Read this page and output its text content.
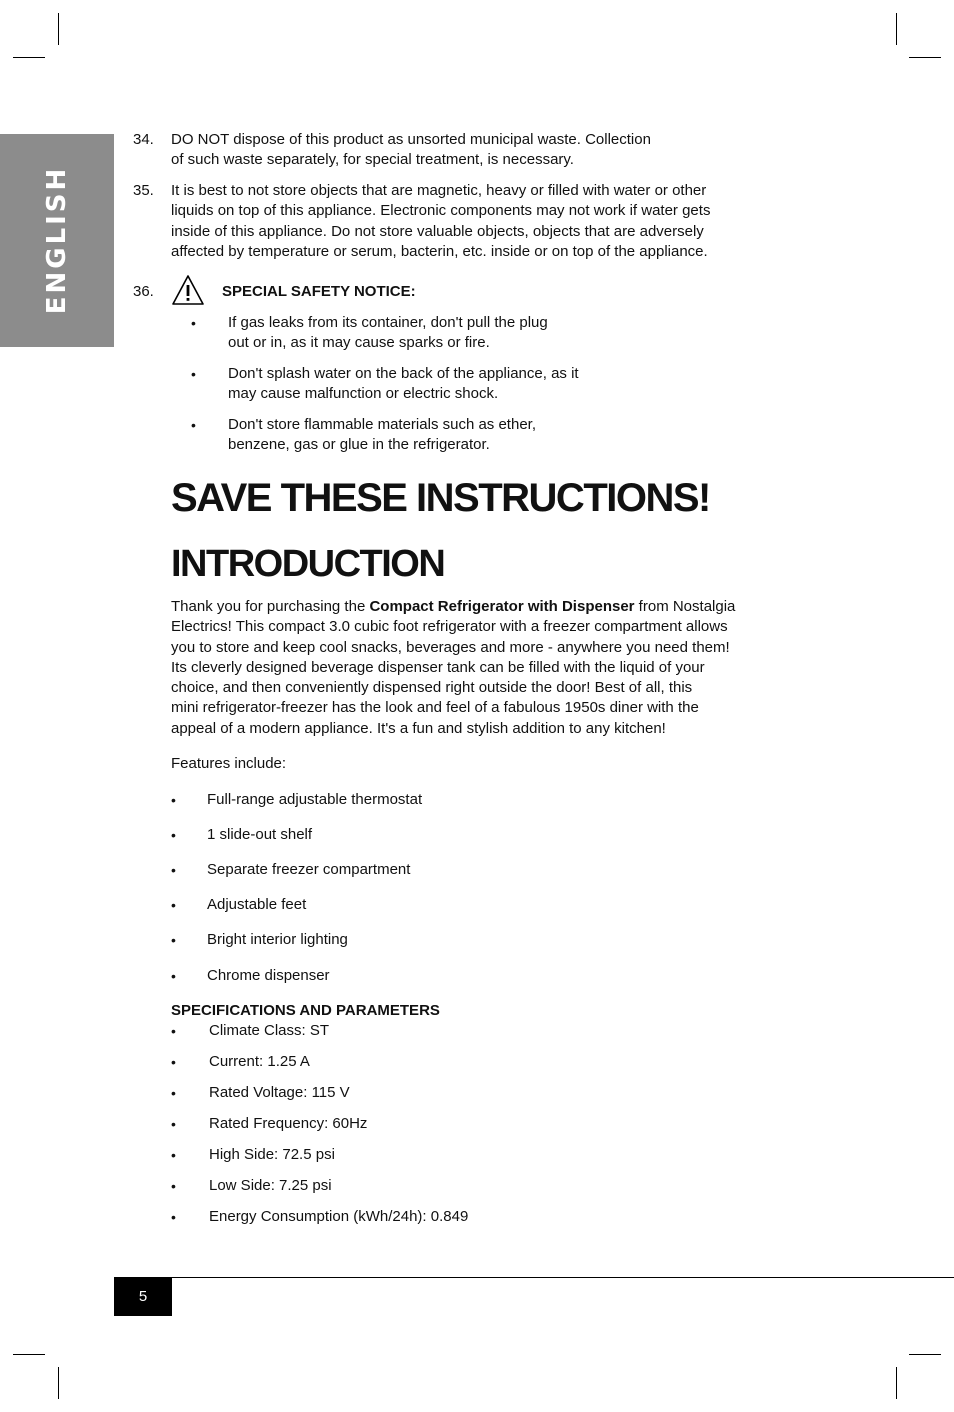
ENGLISH
34. DO NOT dispose of this product as unsorted municipal waste. Collection
of such waste separately, for special treatment, is necessary.
35. It is best to not store objects that are magnetic, heavy or filled with water or other
liquids on top of this appliance. Electronic components may not work if water gets
inside of this appliance. Do not store valuable objects, objects that are adversely
affected by temperature or serum, bacterin, etc. inside or on top of the appliance.
36.	SPECIAL SAFETY NOTICE:
• If gas leaks from its container, don't pull the plug
out or in, as it may cause sparks or fire.
• Don't splash water on the back of the appliance, as it
may cause malfunction or electric shock.
• Don't store flammable materials such as ether,
benzene, gas or glue in the refrigerator.
SAVE THESE INSTRUCTIONS!
INTRODUCTION
Thank you for purchasing the Compact Refrigerator with Dispenser from Nostalgia
Electrics! This compact 3.0 cubic foot refrigerator with a freezer compartment allows
you to store and keep cool snacks, beverages and more - anywhere you need them!
Its cleverly designed beverage dispenser tank can be filled with the liquid of your
choice, and then conveniently dispensed right outside the door! Best of all, this
mini refrigerator-freezer has the look and feel of a fabulous 1950s diner with the
appeal of a modern appliance. It's a fun and stylish addition to any kitchen!
Features include:
• Full-range adjustable thermostat
• 1 slide-out shelf
• Separate freezer compartment
• Adjustable feet
• Bright interior lighting
• Chrome dispenser
SPECIFICATIONS AND PARAMETERS
• Climate Class: ST
• Current: 1.25 A
• Rated Voltage: 115 V
• Rated Frequency: 60Hz
• High Side: 72.5 psi
• Low Side: 7.25 psi
• Energy Consumption (kWh/24h): 0.849
5
